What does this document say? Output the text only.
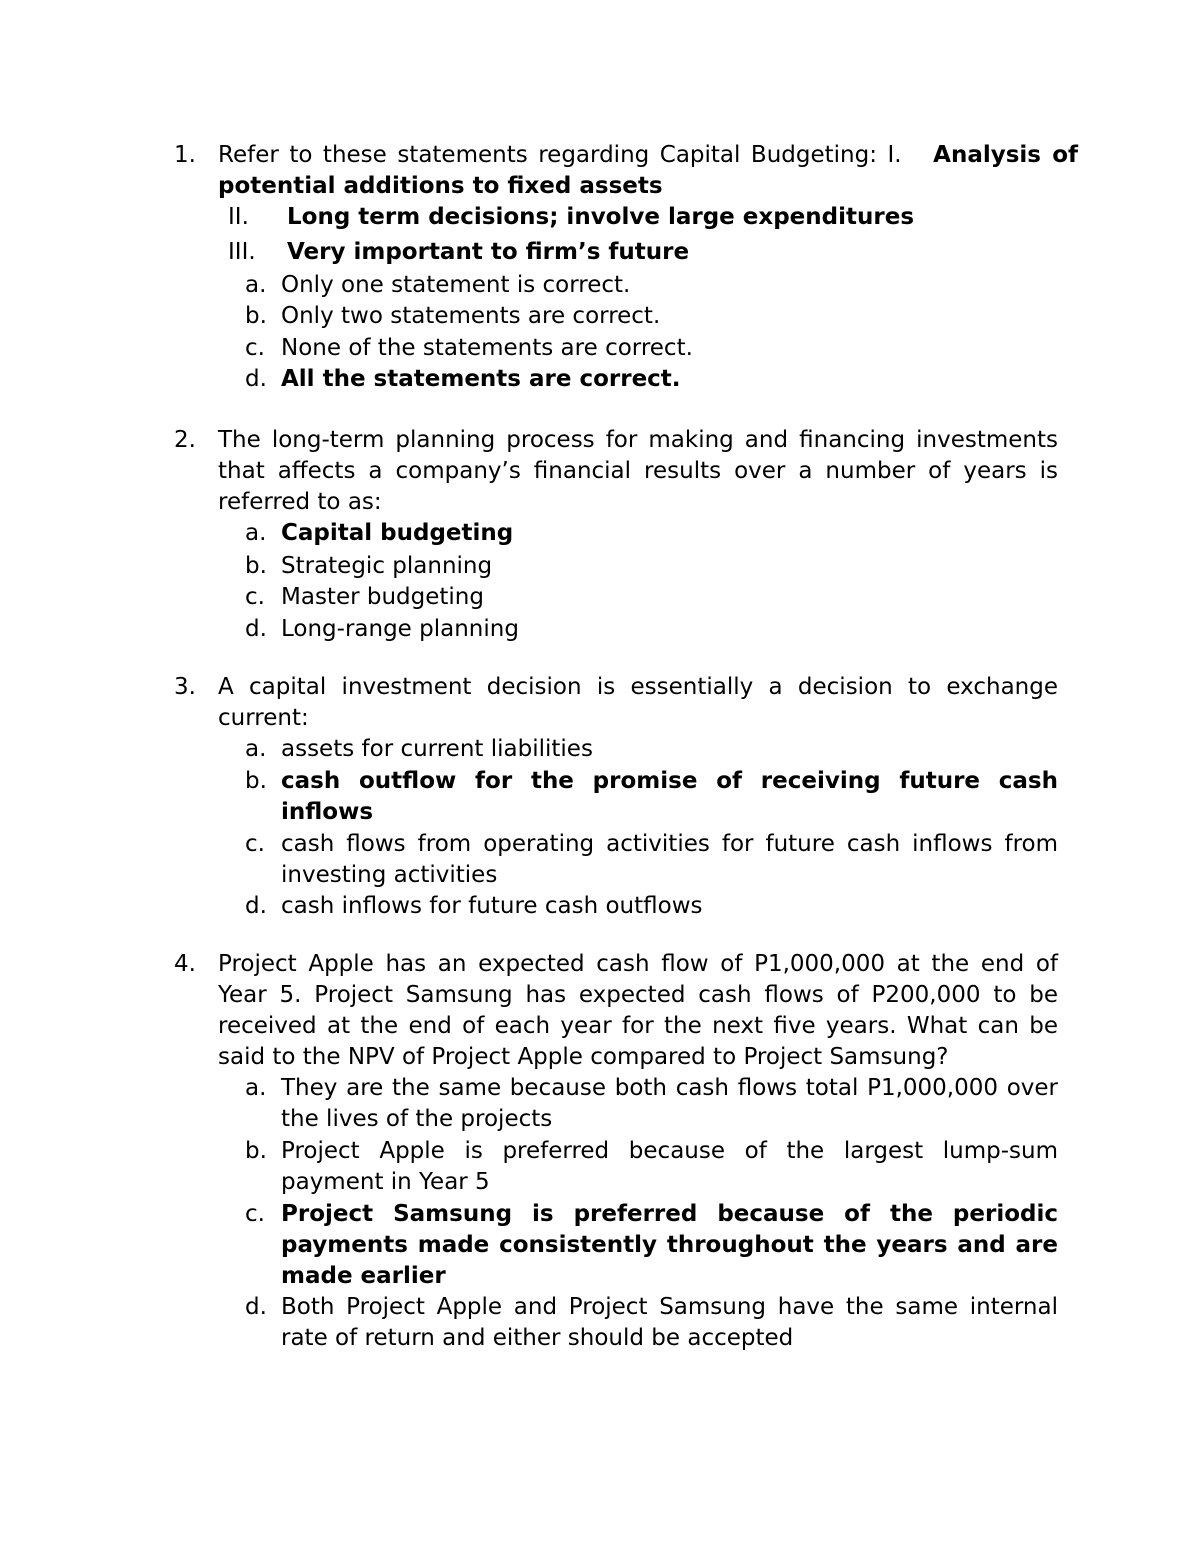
1. Refer to these statements regarding Capital Budgeting: I. Analysis of potential additions to fixed assets
II. Long term decisions; involve large expenditures
III. Very important to firm’s future
a. Only one statement is correct.
b. Only two statements are correct.
c. None of the statements are correct.
d. All the statements are correct.
2. The long-term planning process for making and financing investments that affects a company’s financial results over a number of years is referred to as:
a. Capital budgeting
b. Strategic planning
c. Master budgeting
d. Long-range planning
3. A capital investment decision is essentially a decision to exchange current:
a. assets for current liabilities
b. cash outflow for the promise of receiving future cash inflows
c. cash flows from operating activities for future cash inflows from investing activities
d. cash inflows for future cash outflows
4. Project Apple has an expected cash flow of P1,000,000 at the end of Year 5. Project Samsung has expected cash flows of P200,000 to be received at the end of each year for the next five years. What can be said to the NPV of Project Apple compared to Project Samsung?
a. They are the same because both cash flows total P1,000,000 over the lives of the projects
b. Project Apple is preferred because of the largest lump-sum payment in Year 5
c. Project Samsung is preferred because of the periodic payments made consistently throughout the years and are made earlier
d. Both Project Apple and Project Samsung have the same internal rate of return and either should be accepted
